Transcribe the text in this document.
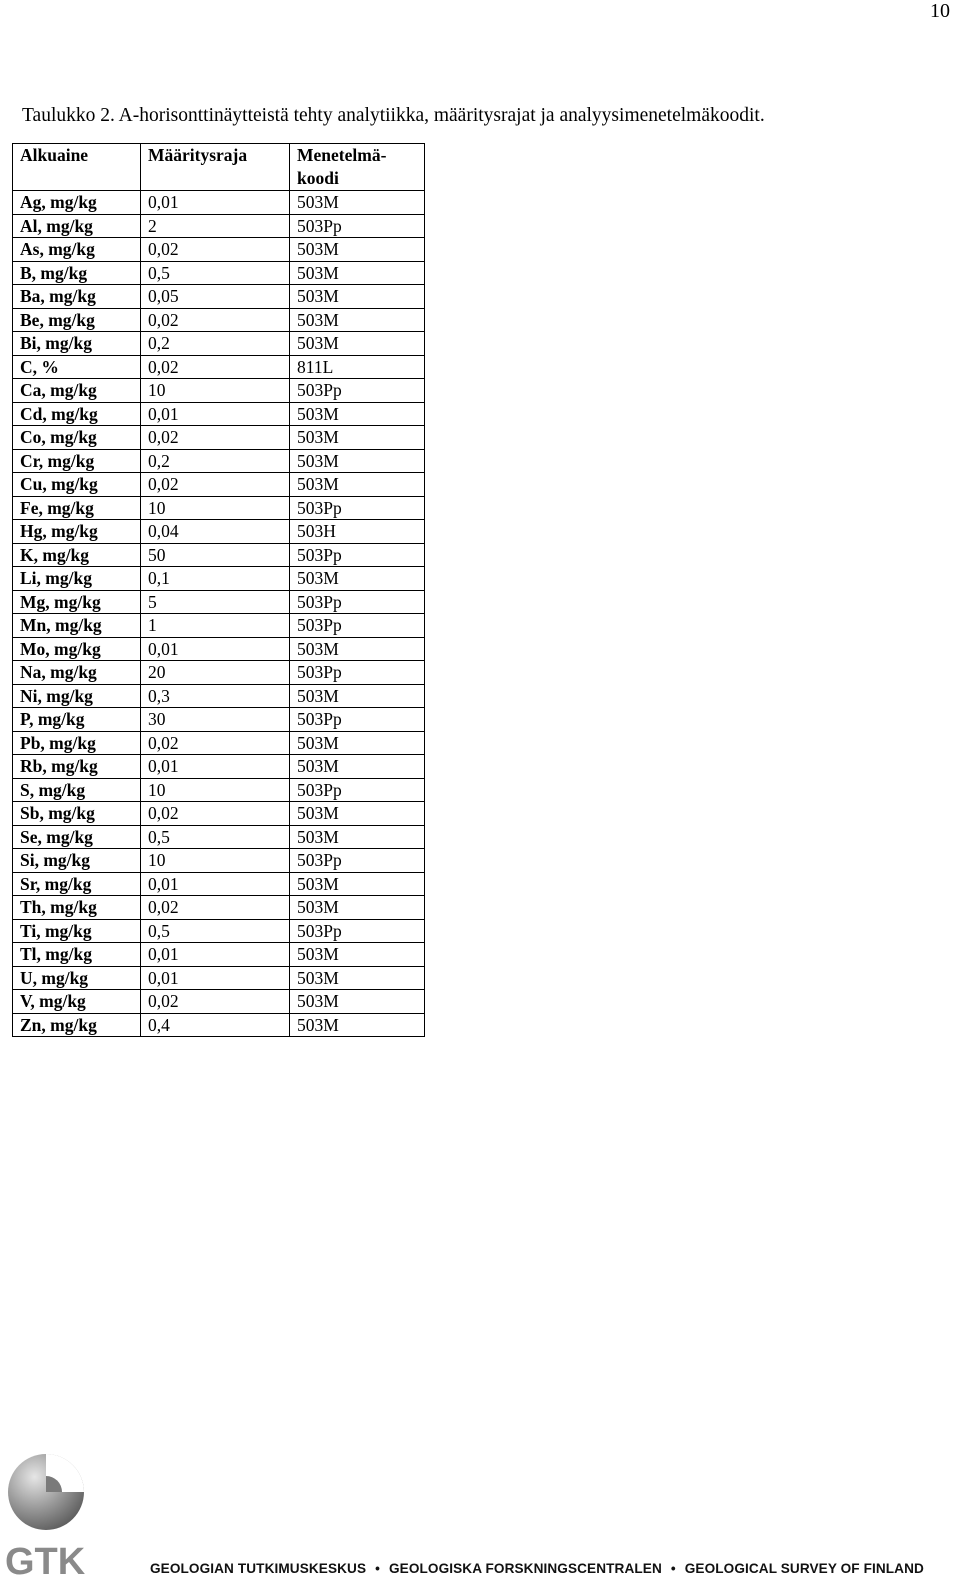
10
Taulukko 2. A-horisonttinäytteistä tehty analytiikka, määritysrajat ja analyysimenetelmäkoodit.
Alkuaine	Määritysraja	Menetelmä-
koodi
Ag, mg/kg	0,01	503M
Al, mg/kg	2	503Pp
As, mg/kg	0,02	503M
B, mg/kg	0,5	503M
Ba, mg/kg	0,05	503M
Be, mg/kg	0,02	503M
Bi, mg/kg	0,2	503M
C, %	0,02	811L
Ca, mg/kg	10	503Pp
Cd, mg/kg	0,01	503M
Co, mg/kg	0,02	503M
Cr, mg/kg	0,2	503M
Cu, mg/kg	0,02	503M
Fe, mg/kg	10	503Pp
Hg, mg/kg	0,04	503H
K, mg/kg	50	503Pp
Li, mg/kg	0,1	503M
Mg, mg/kg	5	503Pp
Mn, mg/kg	1	503Pp
Mo, mg/kg	0,01	503M
Na, mg/kg	20	503Pp
Ni, mg/kg	0,3	503M
P, mg/kg	30	503Pp
Pb, mg/kg	0,02	503M
Rb, mg/kg	0,01	503M
S, mg/kg	10	503Pp
Sb, mg/kg	0,02	503M
Se, mg/kg	0,5	503M
Si, mg/kg	10	503Pp
Sr, mg/kg	0,01	503M
Th, mg/kg	0,02	503M
Ti, mg/kg	0,5	503Pp
Tl, mg/kg	0,01	503M
U, mg/kg	0,01	503M
V, mg/kg	0,02	503M
Zn, mg/kg	0,4	503M
GTK	GEOLOGIAN TUTKIMUSKESKUS • GEOLOGISKA FORSKNINGSCENTRALEN • GEOLOGICAL SURVEY OF FINLAND
